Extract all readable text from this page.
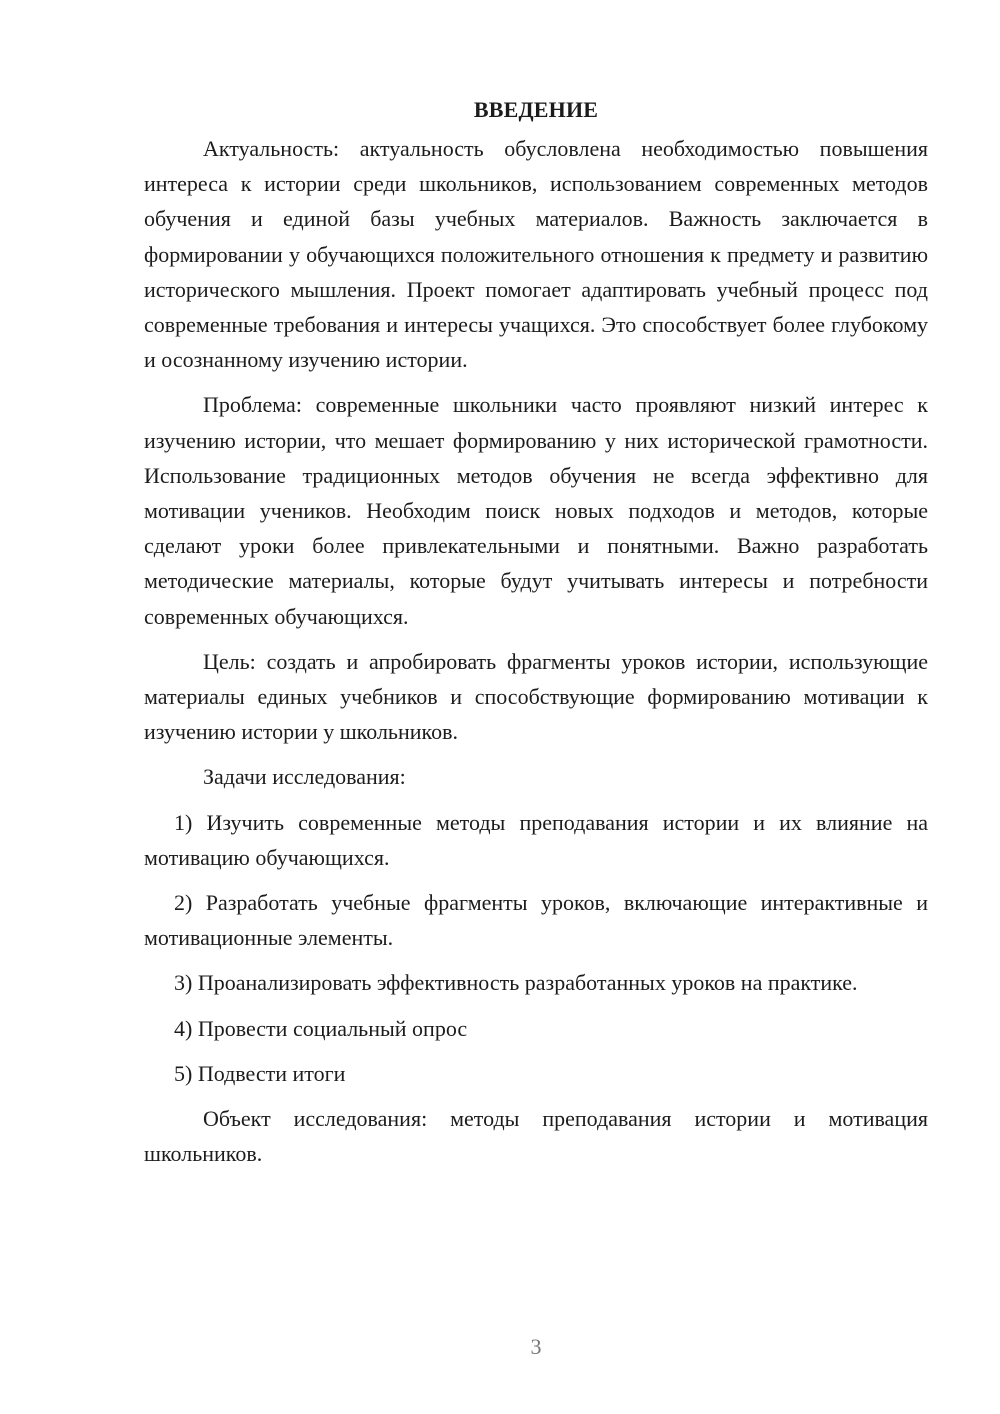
ВВЕДЕНИЕ

Актуальность: актуальность обусловлена необходимостью повышения интереса к истории среди школьников, использованием современных методов обучения и единой базы учебных материалов. Важность заключается в формировании у обучающихся положительного отношения к предмету и развитию исторического мышления. Проект помогает адаптировать учебный процесс под современные требования и интересы учащихся. Это способствует более глубокому и осознанному изучению истории.

Проблема: современные школьники часто проявляют низкий интерес к изучению истории, что мешает формированию у них исторической грамотности. Использование традиционных методов обучения не всегда эффективно для мотивации учеников. Необходим поиск новых подходов и методов, которые сделают уроки более привлекательными и понятными. Важно разработать методические материалы, которые будут учитывать интересы и потребности современных обучающихся.

Цель: создать и апробировать фрагменты уроков истории, использующие материалы единых учебников и способствующие формированию мотивации к изучению истории у школьников.

Задачи исследования:

1) Изучить современные методы преподавания истории и их влияние на мотивацию обучающихся.

2) Разработать учебные фрагменты уроков, включающие интерактивные и мотивационные элементы.

3) Проанализировать эффективность разработанных уроков на практике.

4) Провести социальный опрос

5) Подвести итоги

Объект исследования: методы преподавания истории и мотивация школьников.

3
